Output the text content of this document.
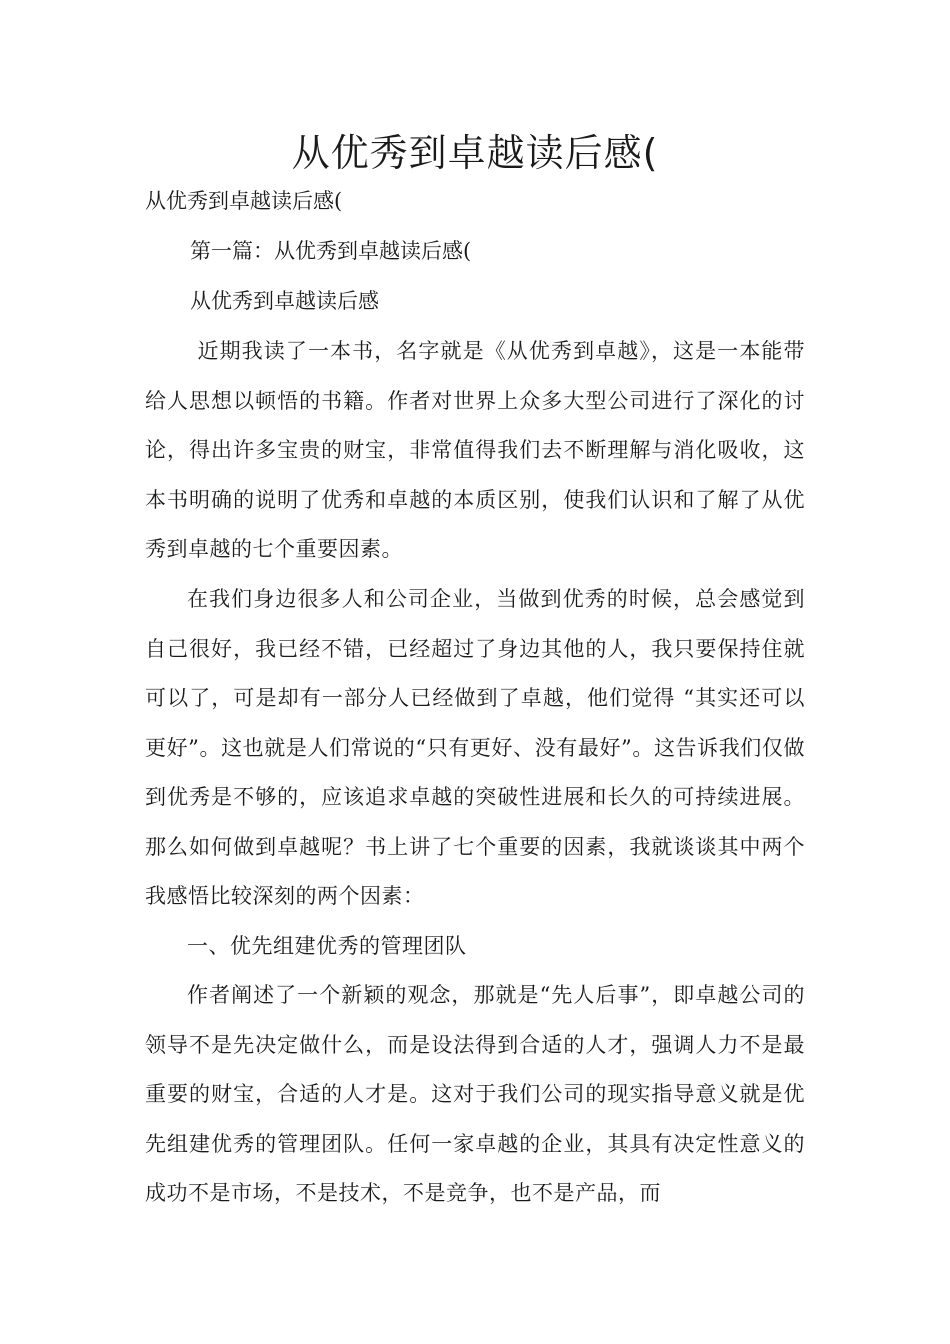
从优秀到卓越读后感(
从优秀到卓越读后感(
第一篇：从优秀到卓越读后感(
从优秀到卓越读后感
近期我读了一本书，名字就是《从优秀到卓越》，这是一本能带给人思想以顿悟的书籍。作者对世界上众多大型公司进行了深化的讨论，得出许多宝贵的财宝，非常值得我们去不断理解与消化吸收，这本书明确的说明了优秀和卓越的本质区别，使我们认识和了解了从优秀到卓越的七个重要因素。
在我们身边很多人和公司企业，当做到优秀的时候，总会感觉到自己很好，我已经不错，已经超过了身边其他的人，我只要保持住就可以了，可是却有一部分人已经做到了卓越，他们觉得 “其实还可以更好”。这也就是人们常说的“只有更好、没有最好”。这告诉我们仅做到优秀是不够的，应该追求卓越的突破性进展和长久的可持续进展。那么如何做到卓越呢？书上讲了七个重要的因素，我就谈谈其中两个我感悟比较深刻的两个因素：
一、优先组建优秀的管理团队
作者阐述了一个新颖的观念，那就是“先人后事”，即卓越公司的领导不是先决定做什么，而是设法得到合适的人才，强调人力不是最重要的财宝，合适的人才是。这对于我们公司的现实指导意义就是优先组建优秀的管理团队。任何一家卓越的企业，其具有决定性意义的成功不是市场，不是技术，不是竞争，也不是产品，而
